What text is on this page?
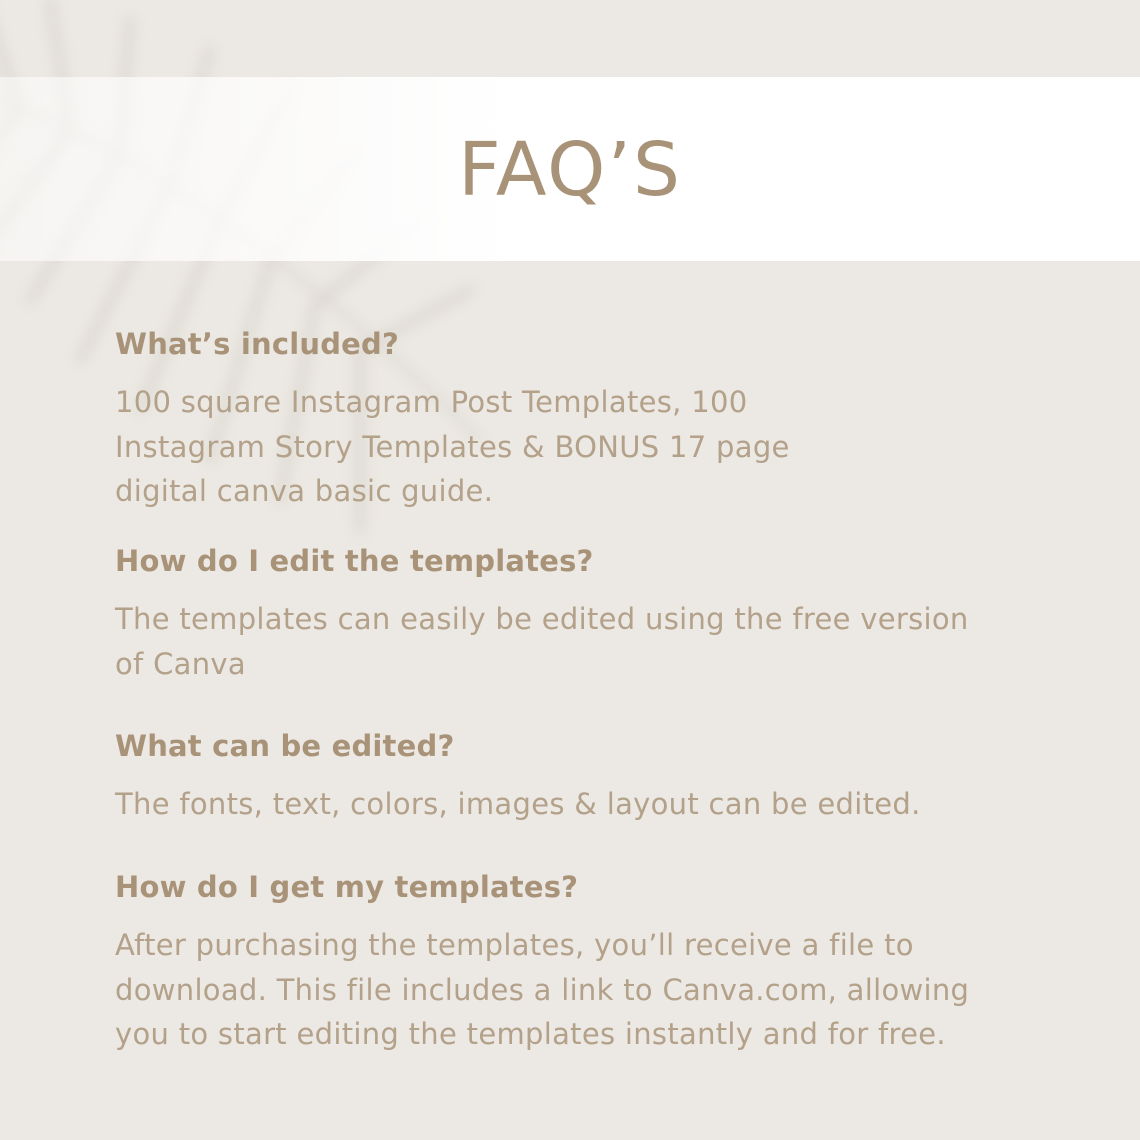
FAQ’S

What’s included?

100 square Instagram Post Templates, 100
Instagram Story Templates & BONUS 17 page
digital canva basic guide.

How do I edit the templates?

The templates can easily be edited using the free version
of Canva

What can be edited?

The fonts, text, colors, images & layout can be edited.

How do I get my templates?

After purchasing the templates, you’ll receive a file to
download. This file includes a link to Canva.com, allowing
you to start editing the templates instantly and for free.
